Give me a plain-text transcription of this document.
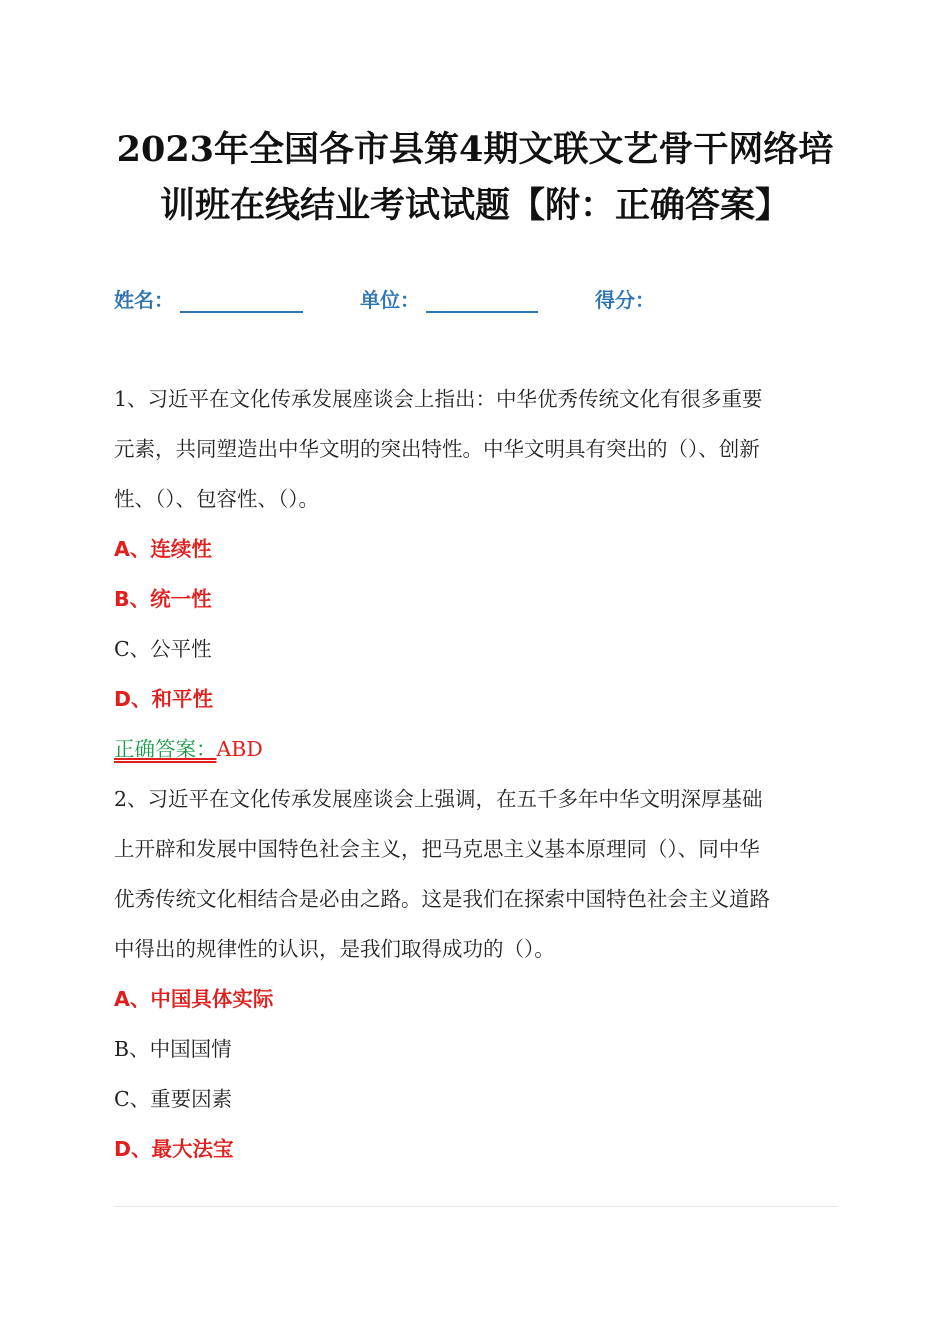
2023年全国各市县第4期文联文艺骨干网络培
训班在线结业考试试题【附：正确答案】
姓名：	单位：	得分：
1、习近平在文化传承发展座谈会上指出：中华优秀传统文化有很多重要
元素，共同塑造出中华文明的突出特性。中华文明具有突出的（）、创新
性、（）、包容性、（）。
A、连续性
B、统一性
C、公平性
D、和平性
正确答案：ABD
2、习近平在文化传承发展座谈会上强调，在五千多年中华文明深厚基础
上开辟和发展中国特色社会主义，把马克思主义基本原理同（）、同中华
优秀传统文化相结合是必由之路。这是我们在探索中国特色社会主义道路
中得出的规律性的认识，是我们取得成功的（）。
A、中国具体实际
B、中国国情
C、重要因素
D、最大法宝
